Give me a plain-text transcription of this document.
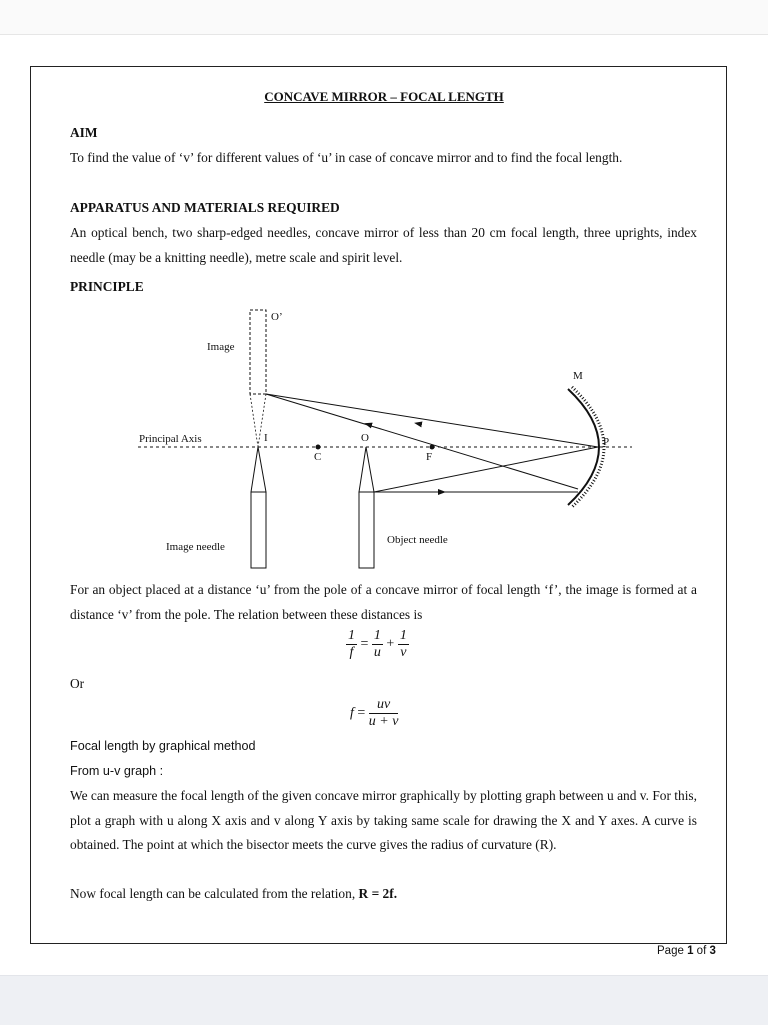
CONCAVE MIRROR – FOCAL LENGTH
AIM
To find the value of ‘v’ for different values of ‘u’ in case of concave mirror and to find the focal length.
APPARATUS AND MATERIALS REQUIRED
An optical bench, two sharp-edged needles, concave mirror of less than 20 cm focal length, three uprights, index needle (may be a knitting needle), metre scale and spirit level.
PRINCIPLE
O’
Image
Principal Axis	I
C
O
F
M
P
Image needle
Object needle
For an object placed at a distance ‘u’ from the pole of a concave mirror of focal length ‘f’, the image is formed at a distance ‘v’ from the pole. The relation between these distances is
$\frac{1}{f} = \frac{1}{u} + \frac{1}{v}$
Or
$f = \frac{uv}{u + v}$
Focal length by graphical method
From u-v graph :
We can measure the focal length of the given concave mirror graphically by plotting graph between u and v. For this, plot a graph with u along X axis and v along Y axis by taking same scale for drawing the X and Y axes. A curve is obtained. The point at which the bisector meets the curve gives the radius of curvature (R).
Now focal length can be calculated from the relation, R = 2f.
Page 1 of 3
